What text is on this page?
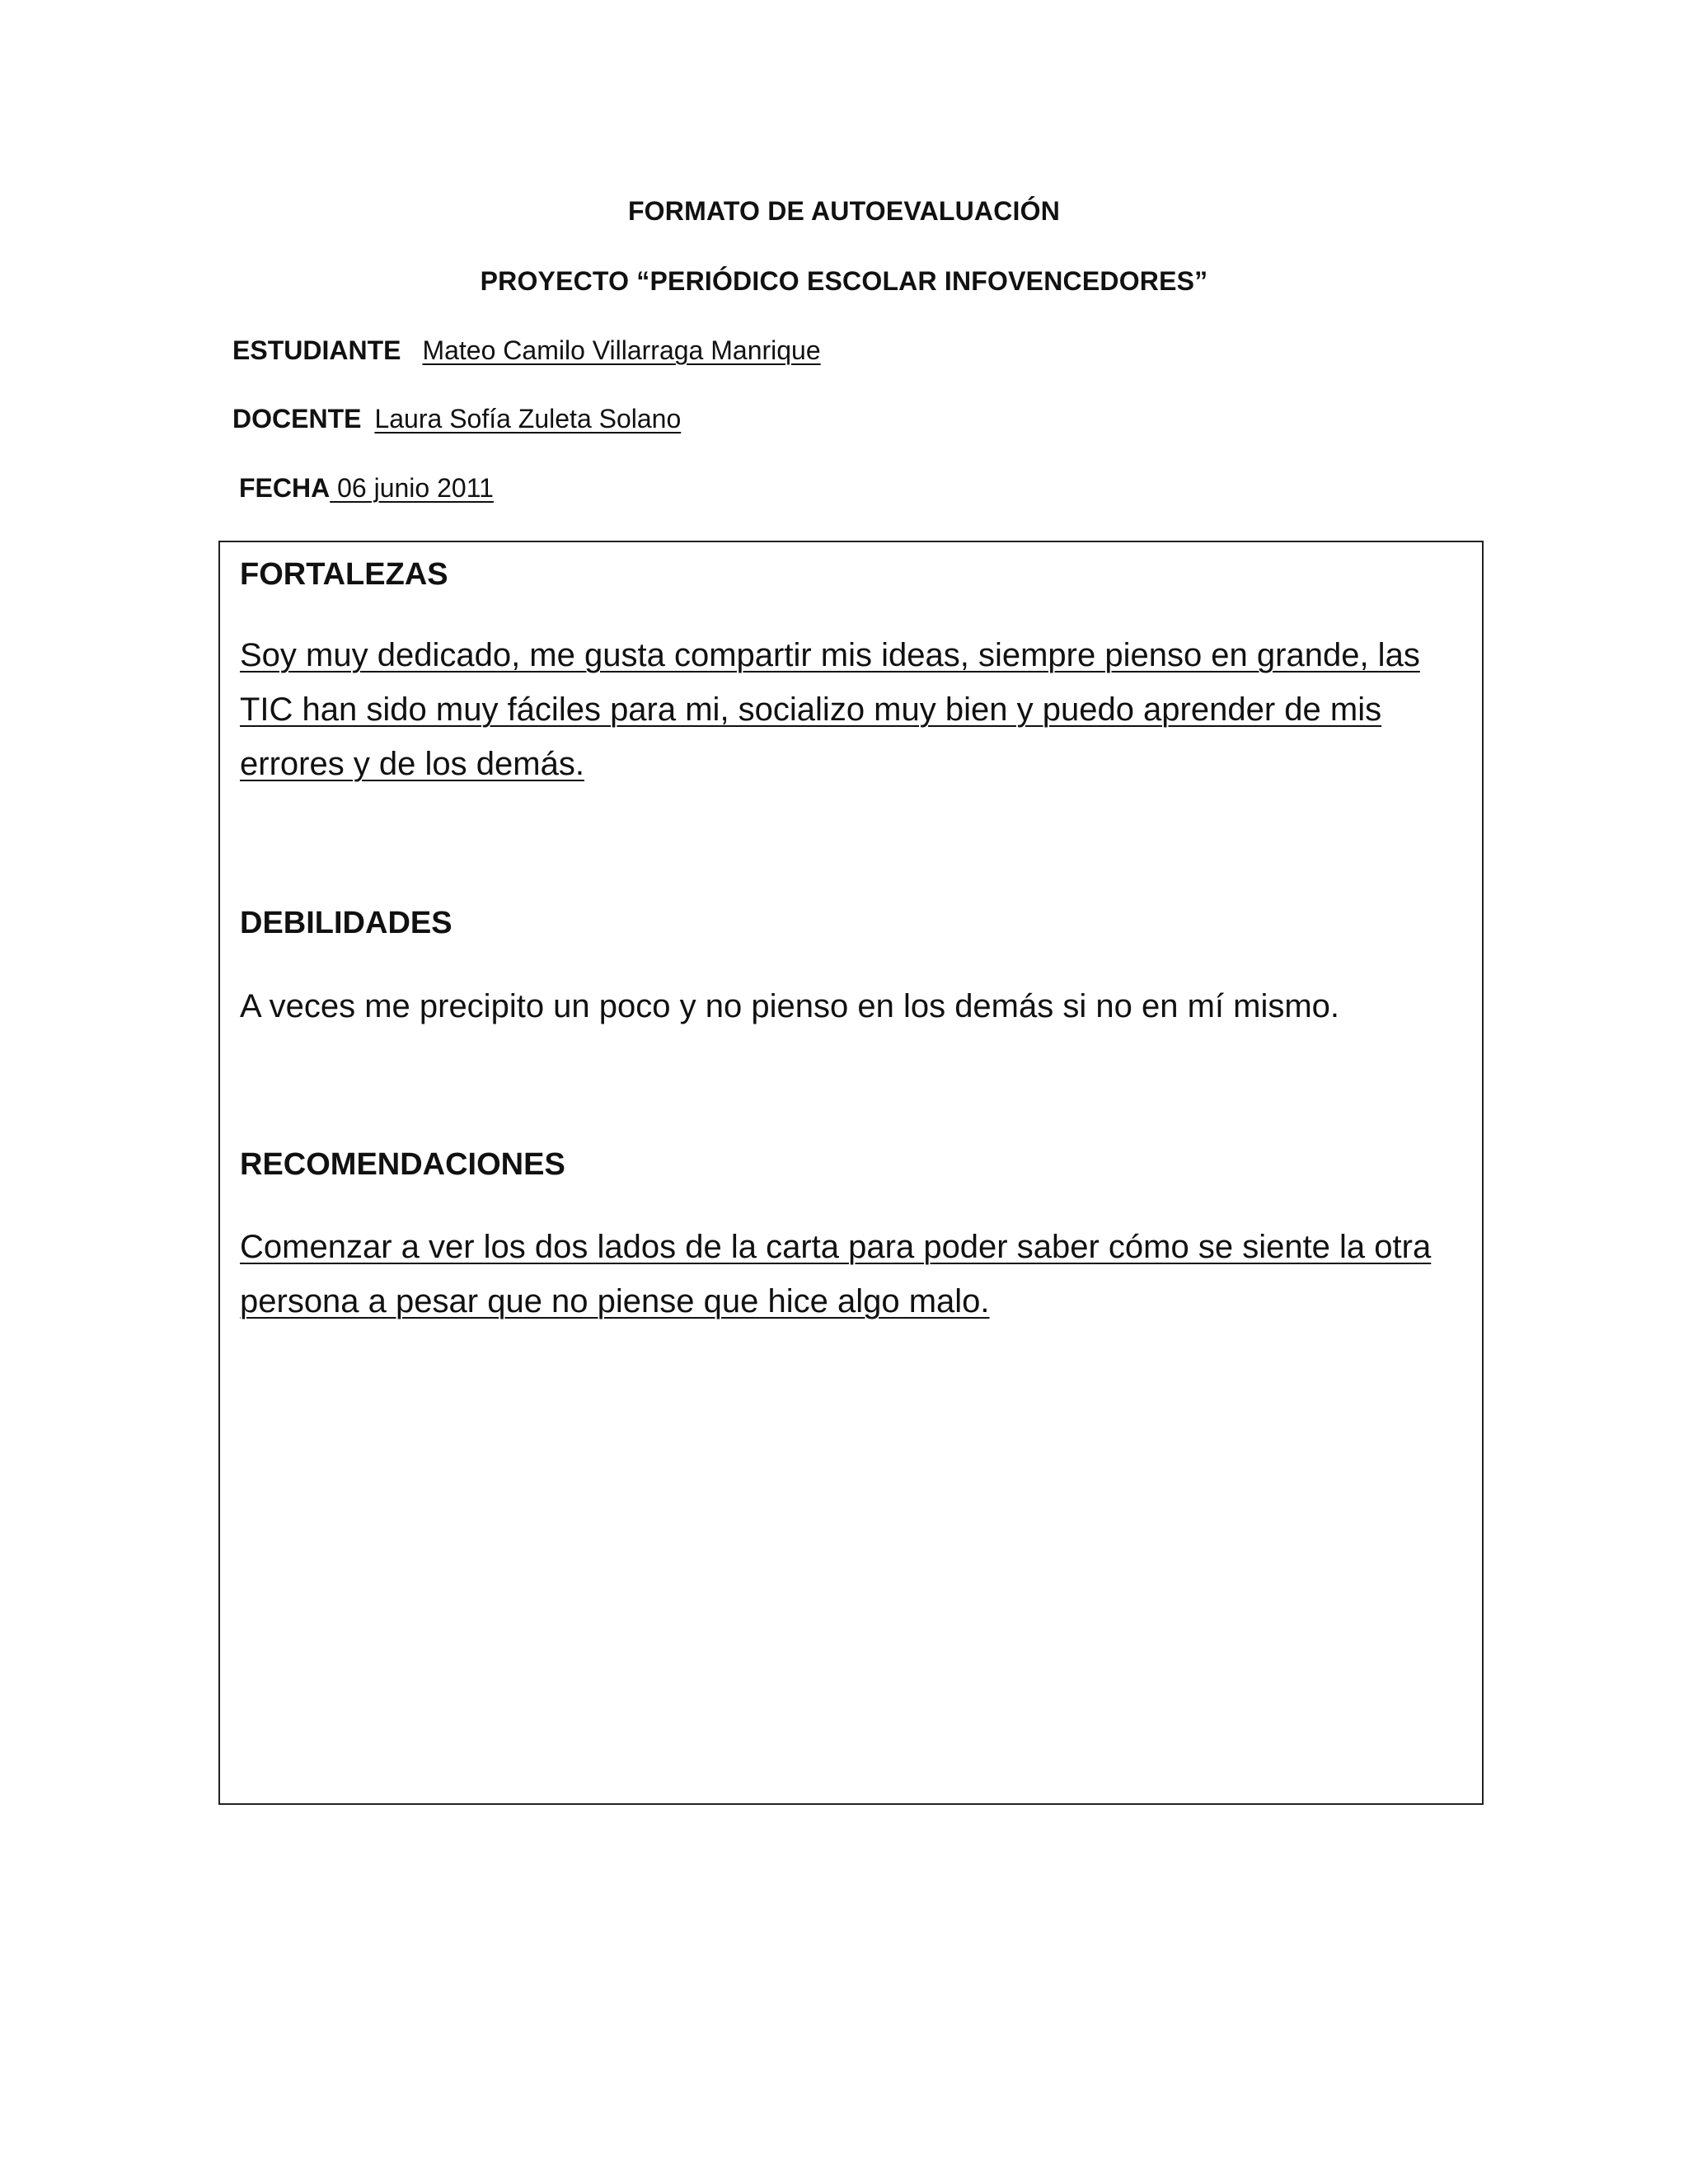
FORMATO DE AUTOEVALUACIÓN
PROYECTO “PERIÓDICO ESCOLAR INFOVENCEDORES”
ESTUDIANTE Mateo Camilo Villarraga Manrique
DOCENTE Laura Sofía Zuleta Solano
FECHA 06 junio 2011
FORTALEZAS

Soy muy dedicado, me gusta compartir mis ideas, siempre pienso en grande, las TIC han sido muy fáciles para mi, socializo muy bien y puedo aprender de mis errores y de los demás.

DEBILIDADES

A veces me precipito un poco y no pienso en los demás si no en mí mismo.

RECOMENDACIONES

Comenzar a ver los dos lados de la carta para poder saber cómo se siente la otra persona a pesar que no piense que hice algo malo.
